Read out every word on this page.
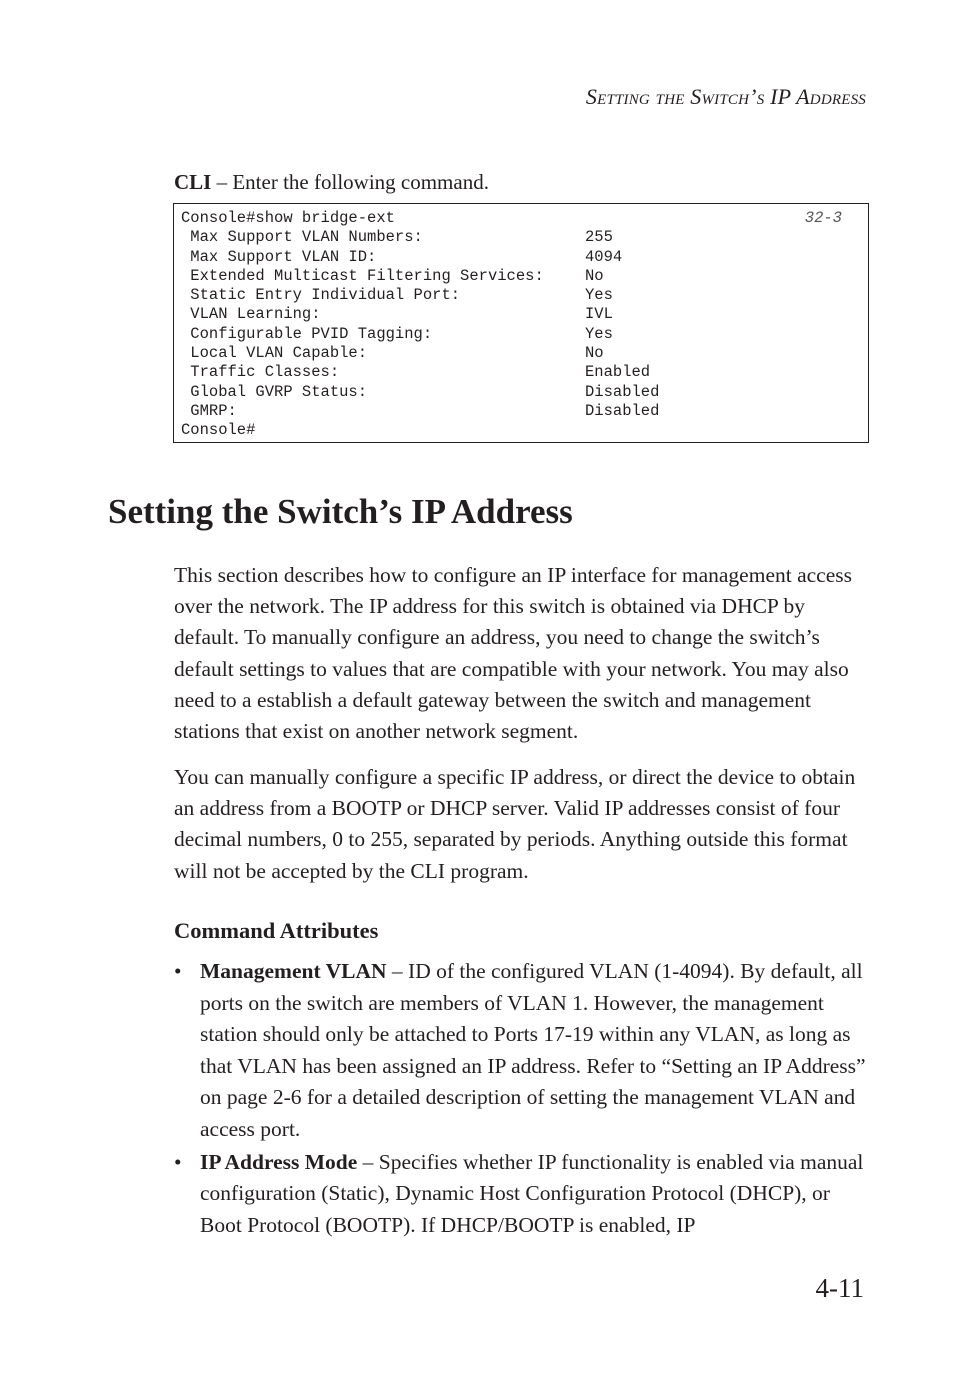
Setting the Switch’s IP Address
CLI – Enter the following command.
32-3
Console#show bridge-ext
Max Support VLAN Numbers:	255
Max Support VLAN ID:	4094
Extended Multicast Filtering Services:	No
Static Entry Individual Port:	Yes
VLAN Learning:	IVL
Configurable PVID Tagging:	Yes
Local VLAN Capable:	No
Traffic Classes:	Enabled
Global GVRP Status:	Disabled
GMRP:	Disabled
Console#
Setting the Switch’s IP Address

This section describes how to configure an IP interface for management access over the network. The IP address for this switch is obtained via DHCP by default. To manually configure an address, you need to change the switch’s default settings to values that are compatible with your network. You may also need to a establish a default gateway between the switch and management stations that exist on another network segment.

You can manually configure a specific IP address, or direct the device to obtain an address from a BOOTP or DHCP server. Valid IP addresses consist of four decimal numbers, 0 to 255, separated by periods. Anything outside this format will not be accepted by the CLI program.

Command Attributes
• Management VLAN – ID of the configured VLAN (1-4094). By default, all ports on the switch are members of VLAN 1. However, the management station should only be attached to Ports 17-19 within any VLAN, as long as that VLAN has been assigned an IP address. Refer to “Setting an IP Address” on page 2-6 for a detailed description of setting the management VLAN and access port.
• IP Address Mode – Specifies whether IP functionality is enabled via manual configuration (Static), Dynamic Host Configuration Protocol (DHCP), or Boot Protocol (BOOTP). If DHCP/BOOTP is enabled, IP
4-11
